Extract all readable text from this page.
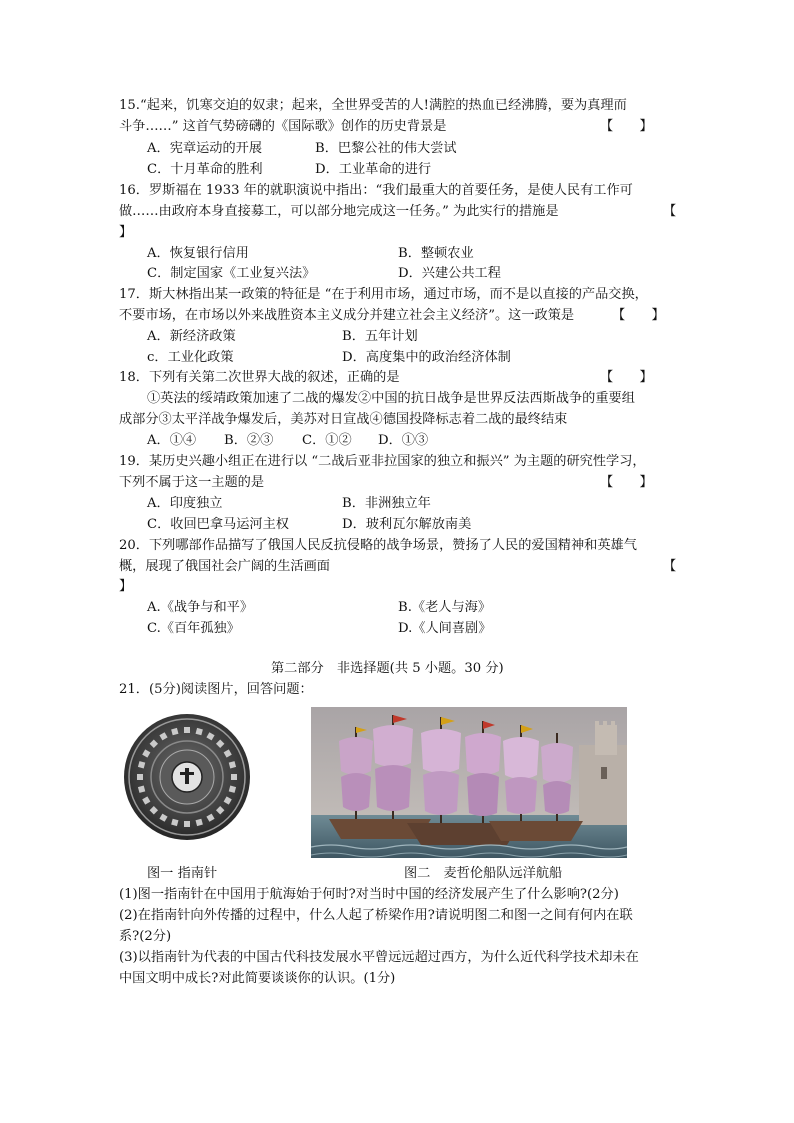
15.“起来，饥寒交迫的奴隶；起来，全世界受苦的人!满腔的热血已经沸腾，要为真理而
斗争……” 这首气势磅礴的《国际歌》创作的历史背景是	【　　】
A．宪章运动的开展	B．巴黎公社的伟大尝试
C．十月革命的胜利	D．工业革命的进行
16．罗斯福在 1933 年的就职演说中指出：“我们最重大的首要任务，是使人民有工作可
做……由政府本身直接募工，可以部分地完成这一任务。” 为此实行的措施是	【
】
A．恢复银行信用	B．整顿农业
C．制定国家《工业复兴法》	D．兴建公共工程
17．斯大林指出某一政策的特征是 “在于利用市场，通过市场，而不是以直接的产品交换，
不要市场，在市场以外来战胜资本主义成分并建立社会主义经济”。这一政策是	【　　】
A．新经济政策	B．五年计划
c．工业化政策	D．高度集中的政治经济体制
18．下列有关第二次世界大战的叙述，正确的是	【　　】
①英法的绥靖政策加速了二战的爆发②中国的抗日战争是世界反法西斯战争的重要组
成部分③太平洋战争爆发后，美苏对日宣战④德国投降标志着二战的最终结束
A．①④ B．②③ C．①② D．①③
19．某历史兴趣小组正在进行以 “二战后亚非拉国家的独立和振兴” 为主题的研究性学习，
下列不属于这一主题的是	【　　】
A．印度独立	B．非洲独立年
C．收回巴拿马运河主权	D．玻利瓦尔解放南美
20．下列哪部作品描写了俄国人民反抗侵略的战争场景，赞扬了人民的爱国精神和英雄气
概，展现了俄国社会广阔的生活画面	【
】
A.《战争与和平》	B.《老人与海》
C.《百年孤独》	D.《人间喜剧》
第二部分　非选择题(共 5 小题。30 分)
21．(5分)阅读图片，回答问题：
图一 指南针	图二　麦哲伦船队远洋航船
(1)图一指南针在中国用于航海始于何时?对当时中国的经济发展产生了什么影响?(2分)
(2)在指南针向外传播的过程中，什么人起了桥梁作用?请说明图二和图一之间有何内在联
系?(2分)
(3)以指南针为代表的中国古代科技发展水平曾远远超过西方，为什么近代科学技术却未在
中国文明中成长?对此简要谈谈你的认识。(1分)
